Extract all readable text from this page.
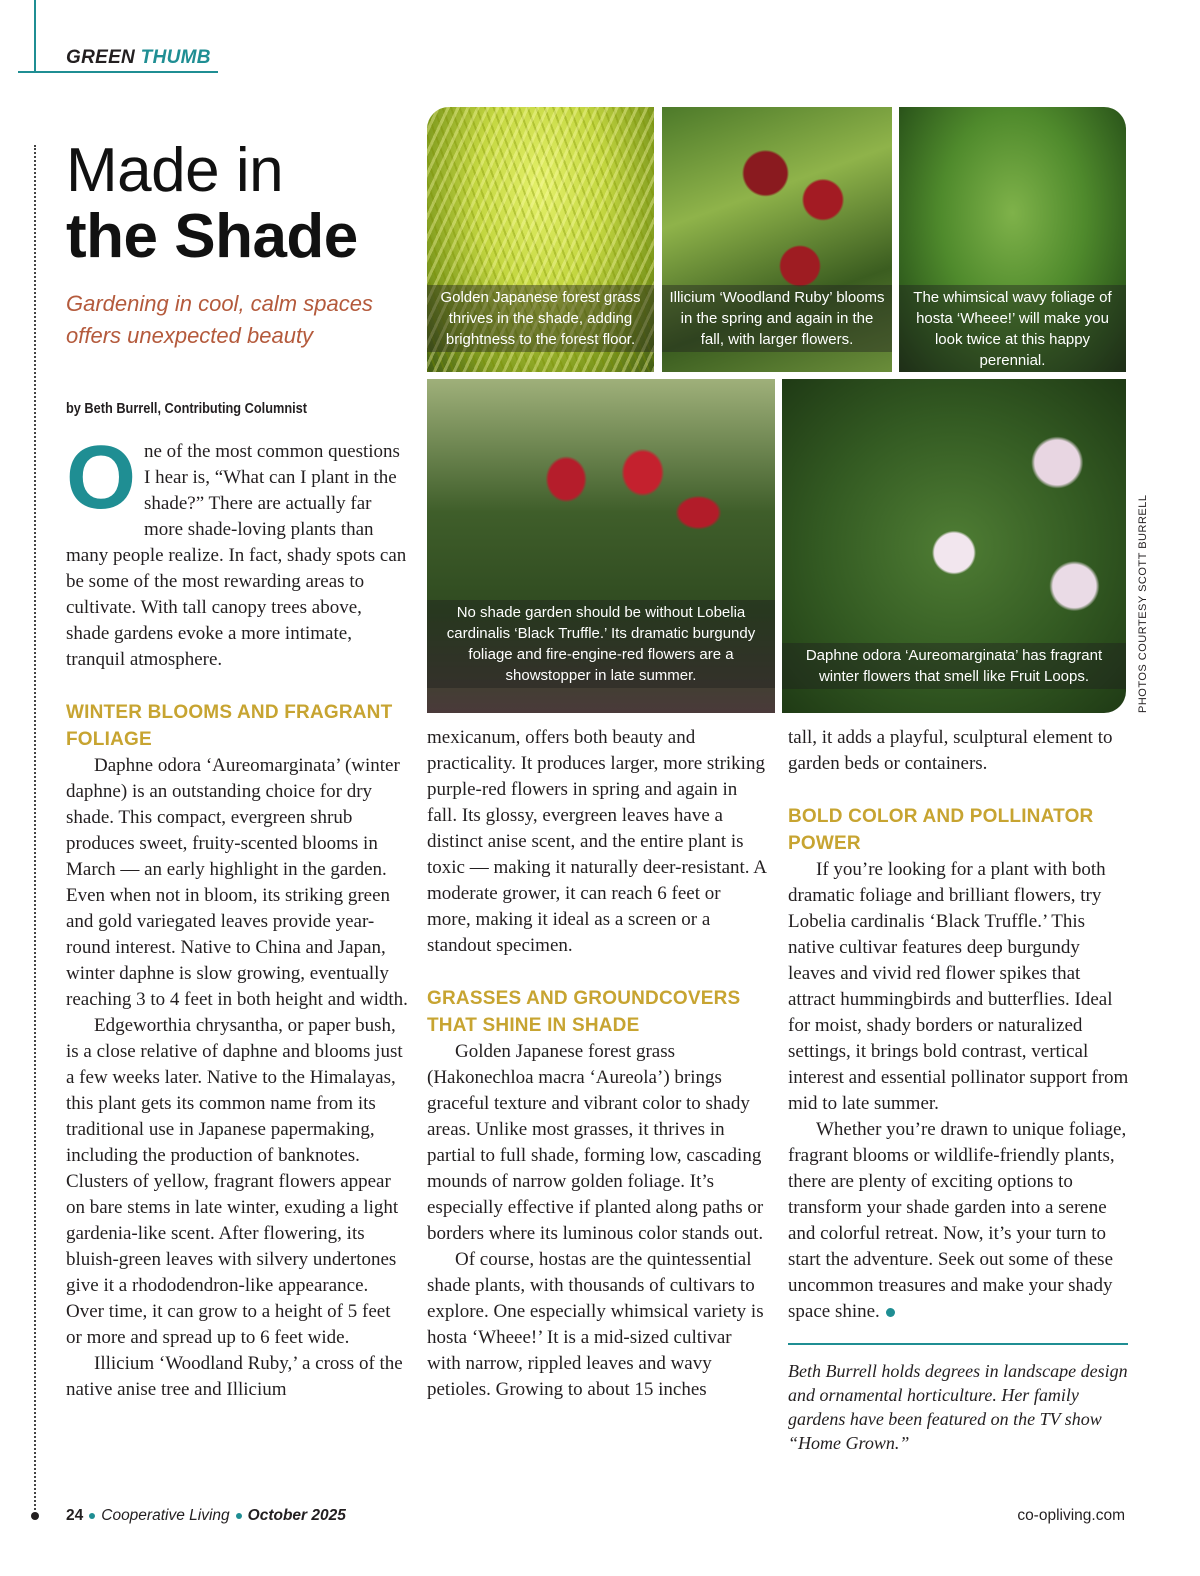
GREEN THUMB
Made in
the Shade
Gardening in cool, calm spaces offers unexpected beauty
by Beth Burrell, Contributing Columnist
Golden Japanese forest grass thrives in the shade, adding brightness to the forest floor.
Illicium ‘Woodland Ruby’ blooms in the spring and again in the fall, with larger flowers.
The whimsical wavy foliage of hosta ‘Wheee!’ will make you look twice at this happy perennial.
No shade garden should be without Lobelia cardinalis ‘Black Truffle.’ Its dramatic burgundy foliage and fire-engine-red flowers are a showstopper in late summer.
Daphne odora ‘Aureomarginata’ has fragrant winter flowers that smell like Fruit Loops.	PHOTOS COURTESY SCOTT BURRELL

O ne of the most common questions I hear is, “What can I plant in the shade?” There are actually far more shade-loving plants than many people realize. In fact, shady spots can be some of the most rewarding areas to cultivate. With tall canopy trees above, shade gardens evoke a more intimate, tranquil atmosphere.

WINTER BLOOMS AND FRAGRANT FOLIAGE

Daphne odora ‘Aureomarginata’ (winter daphne) is an outstanding choice for dry shade. This compact, evergreen shrub produces sweet, fruity-scented blooms in March — an early highlight in the garden. Even when not in bloom, its striking green and gold variegated leaves provide year-round interest. Native to China and Japan, winter daphne is slow growing, eventually reaching 3 to 4 feet in both height and width.

Edgeworthia chrysantha, or paper bush, is a close relative of daphne and blooms just a few weeks later. Native to the Himalayas, this plant gets its common name from its traditional use in Japanese papermaking, including the production of banknotes. Clusters of yellow, fragrant flowers appear on bare stems in late winter, exuding a light gardenia-like scent. After flowering, its bluish-green leaves with silvery undertones give it a rhododendron-like appearance. Over time, it can grow to a height of 5 feet or more and spread up to 6 feet wide.

Illicium ‘Woodland Ruby,’ a cross of the native anise tree and Illicium

mexicanum, offers both beauty and practicality. It produces larger, more striking purple-red flowers in spring and again in fall. Its glossy, evergreen leaves have a distinct anise scent, and the entire plant is toxic — making it naturally deer-resistant. A moderate grower, it can reach 6 feet or more, making it ideal as a screen or a standout specimen.

GRASSES AND GROUNDCOVERS THAT SHINE IN SHADE

Golden Japanese forest grass (Hakonechloa macra ‘Aureola’) brings graceful texture and vibrant color to shady areas. Unlike most grasses, it thrives in partial to full shade, forming low, cascading mounds of narrow golden foliage. It’s especially effective if planted along paths or borders where its luminous color stands out.

Of course, hostas are the quintessential shade plants, with thousands of cultivars to explore. One especially whimsical variety is hosta ‘Wheee!’ It is a mid-sized cultivar with narrow, rippled leaves and wavy petioles. Growing to about 15 inches

tall, it adds a playful, sculptural element to garden beds or containers.

BOLD COLOR AND POLLINATOR POWER

If you’re looking for a plant with both dramatic foliage and brilliant flowers, try Lobelia cardinalis ‘Black Truffle.’ This native cultivar features deep burgundy leaves and vivid red flower spikes that attract hummingbirds and butterflies. Ideal for moist, shady borders or naturalized settings, it brings bold contrast, vertical interest and essential pollinator support from mid to late summer.

Whether you’re drawn to unique foliage, fragrant blooms or wildlife-friendly plants, there are plenty of exciting options to transform your shade garden into a serene and colorful retreat. Now, it’s your turn to start the adventure. Seek out some of these uncommon treasures and make your shady space shine.

Beth Burrell holds degrees in landscape design and ornamental horticulture. Her family gardens have been featured on the TV show “Home Grown.”

24 Cooperative Living October 2025	co-opliving.com
